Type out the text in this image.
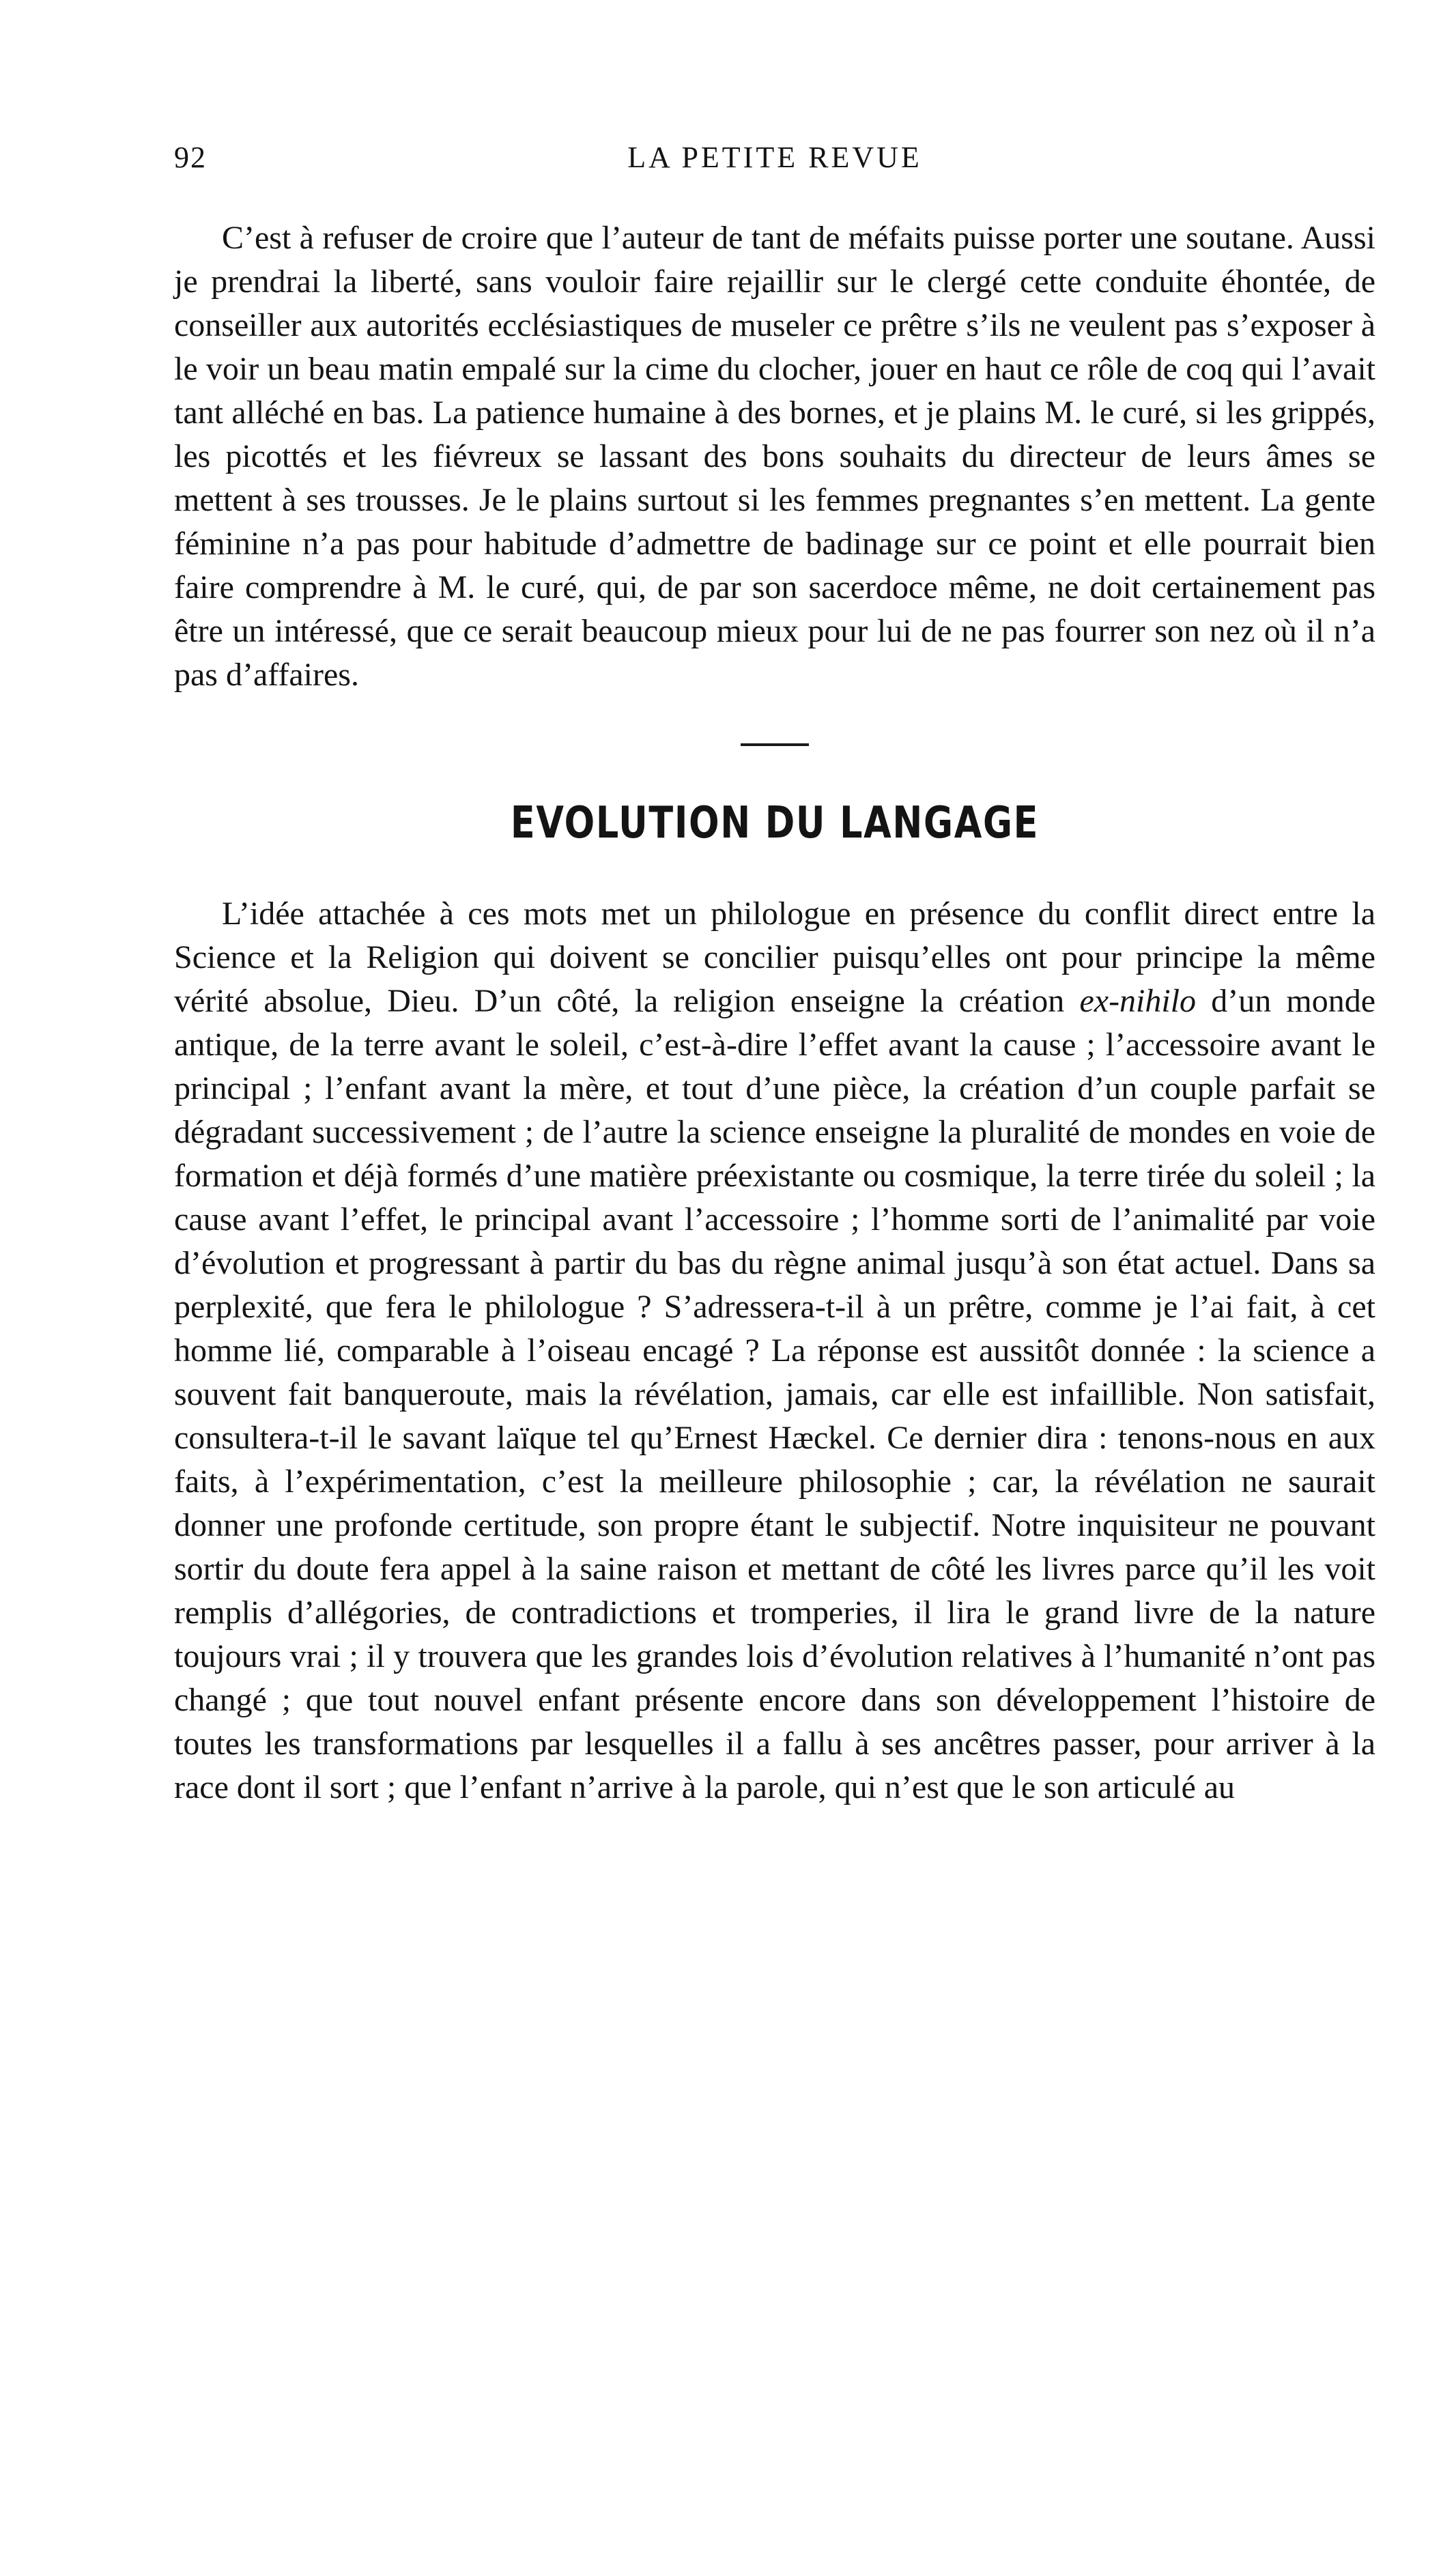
92	LA PETITE REVUE

C’est à refuser de croire que l’auteur de tant de méfaits puisse porter une soutane. Aussi je prendrai la liberté, sans vouloir faire rejaillir sur le clergé cette conduite éhontée, de conseiller aux autorités ecclésiastiques de museler ce prêtre s’ils ne veulent pas s’exposer à le voir un beau matin empalé sur la cime du clocher, jouer en haut ce rôle de coq qui l’avait tant alléché en bas. La patience humaine à des bornes, et je plains M. le curé, si les grippés, les picottés et les fiévreux se lassant des bons souhaits du directeur de leurs âmes se mettent à ses trousses. Je le plains surtout si les femmes pregnantes s’en mettent. La gente féminine n’a pas pour habitude d’admettre de badinage sur ce point et elle pourrait bien faire comprendre à M. le curé, qui, de par son sacerdoce même, ne doit certainement pas être un intéressé, que ce serait beaucoup mieux pour lui de ne pas fourrer son nez où il n’a pas d’affaires.

EVOLUTION DU LANGAGE

L’idée attachée à ces mots met un philologue en présence du conflit direct entre la Science et la Religion qui doivent se concilier puisqu’elles ont pour principe la même vérité absolue, Dieu. D’un côté, la religion enseigne la création ex-nihilo d’un monde antique, de la terre avant le soleil, c’est-à-dire l’effet avant la cause ; l’accessoire avant le principal ; l’enfant avant la mère, et tout d’une pièce, la création d’un couple parfait se dégradant successivement ; de l’autre la science enseigne la pluralité de mondes en voie de formation et déjà formés d’une matière préexistante ou cosmique, la terre tirée du soleil ; la cause avant l’effet, le principal avant l’accessoire ; l’homme sorti de l’animalité par voie d’évolution et progressant à partir du bas du règne animal jusqu’à son état actuel. Dans sa perplexité, que fera le philologue ? S’adressera-t-il à un prêtre, comme je l’ai fait, à cet homme lié, comparable à l’oiseau encagé ? La réponse est aussitôt donnée : la science a souvent fait banqueroute, mais la révélation, jamais, car elle est infaillible. Non satisfait, consultera-t-il le savant laïque tel qu’Ernest Hæckel. Ce dernier dira : tenons-nous en aux faits, à l’expérimentation, c’est la meilleure philosophie ; car, la révélation ne saurait donner une profonde certitude, son propre étant le subjectif. Notre inquisiteur ne pouvant sortir du doute fera appel à la saine raison et mettant de côté les livres parce qu’il les voit remplis d’allégories, de contradictions et tromperies, il lira le grand livre de la nature toujours vrai ; il y trouvera que les grandes lois d’évolution relatives à l’humanité n’ont pas changé ; que tout nouvel enfant présente encore dans son développement l’histoire de toutes les transformations par lesquelles il a fallu à ses ancêtres passer, pour arriver à la race dont il sort ; que l’enfant n’arrive à la parole, qui n’est que le son articulé au
